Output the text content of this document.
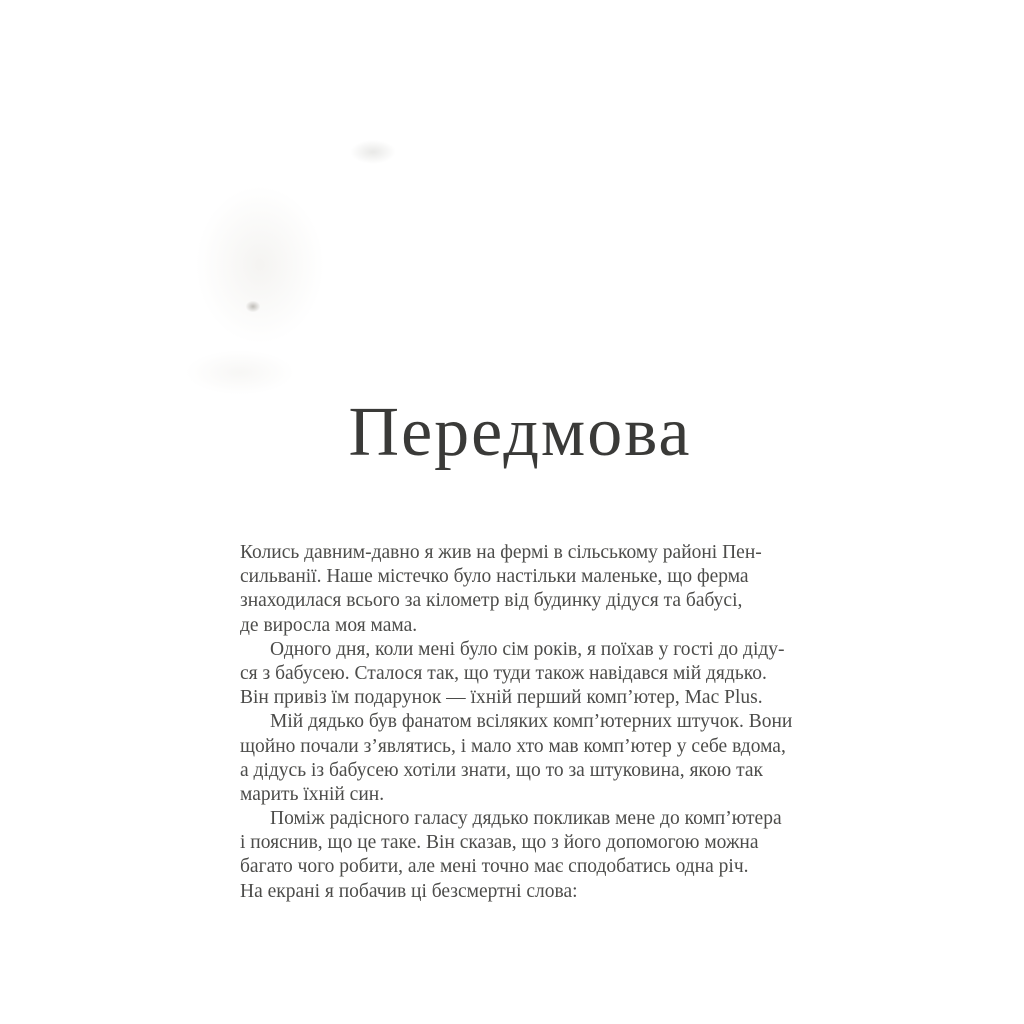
Передмова
Колись давним-давно я жив на фермі в сільському районі Пен-
сильванії. Наше містечко було настільки маленьке, що ферма
знаходилася всього за кілометр від будинку дідуся та бабусі,
де виросла моя мама.
Одного дня, коли мені було сім років, я поїхав у гості до діду-
ся з бабусею. Сталося так, що туди також навідався мій дядько.
Він привіз їм подарунок — їхній перший комп’ютер, Mac Plus.
Мій дядько був фанатом всіляких комп’ютерних штучок. Вони
щойно почали з’являтись, і мало хто мав комп’ютер у себе вдома,
а дідусь із бабусею хотіли знати, що то за штуковина, якою так
марить їхній син.
Поміж радісного галасу дядько покликав мене до комп’ютера
і пояснив, що це таке. Він сказав, що з його допомогою можна
багато чого робити, але мені точно має сподобатись одна річ.
На екрані я побачив ці безсмертні слова:
